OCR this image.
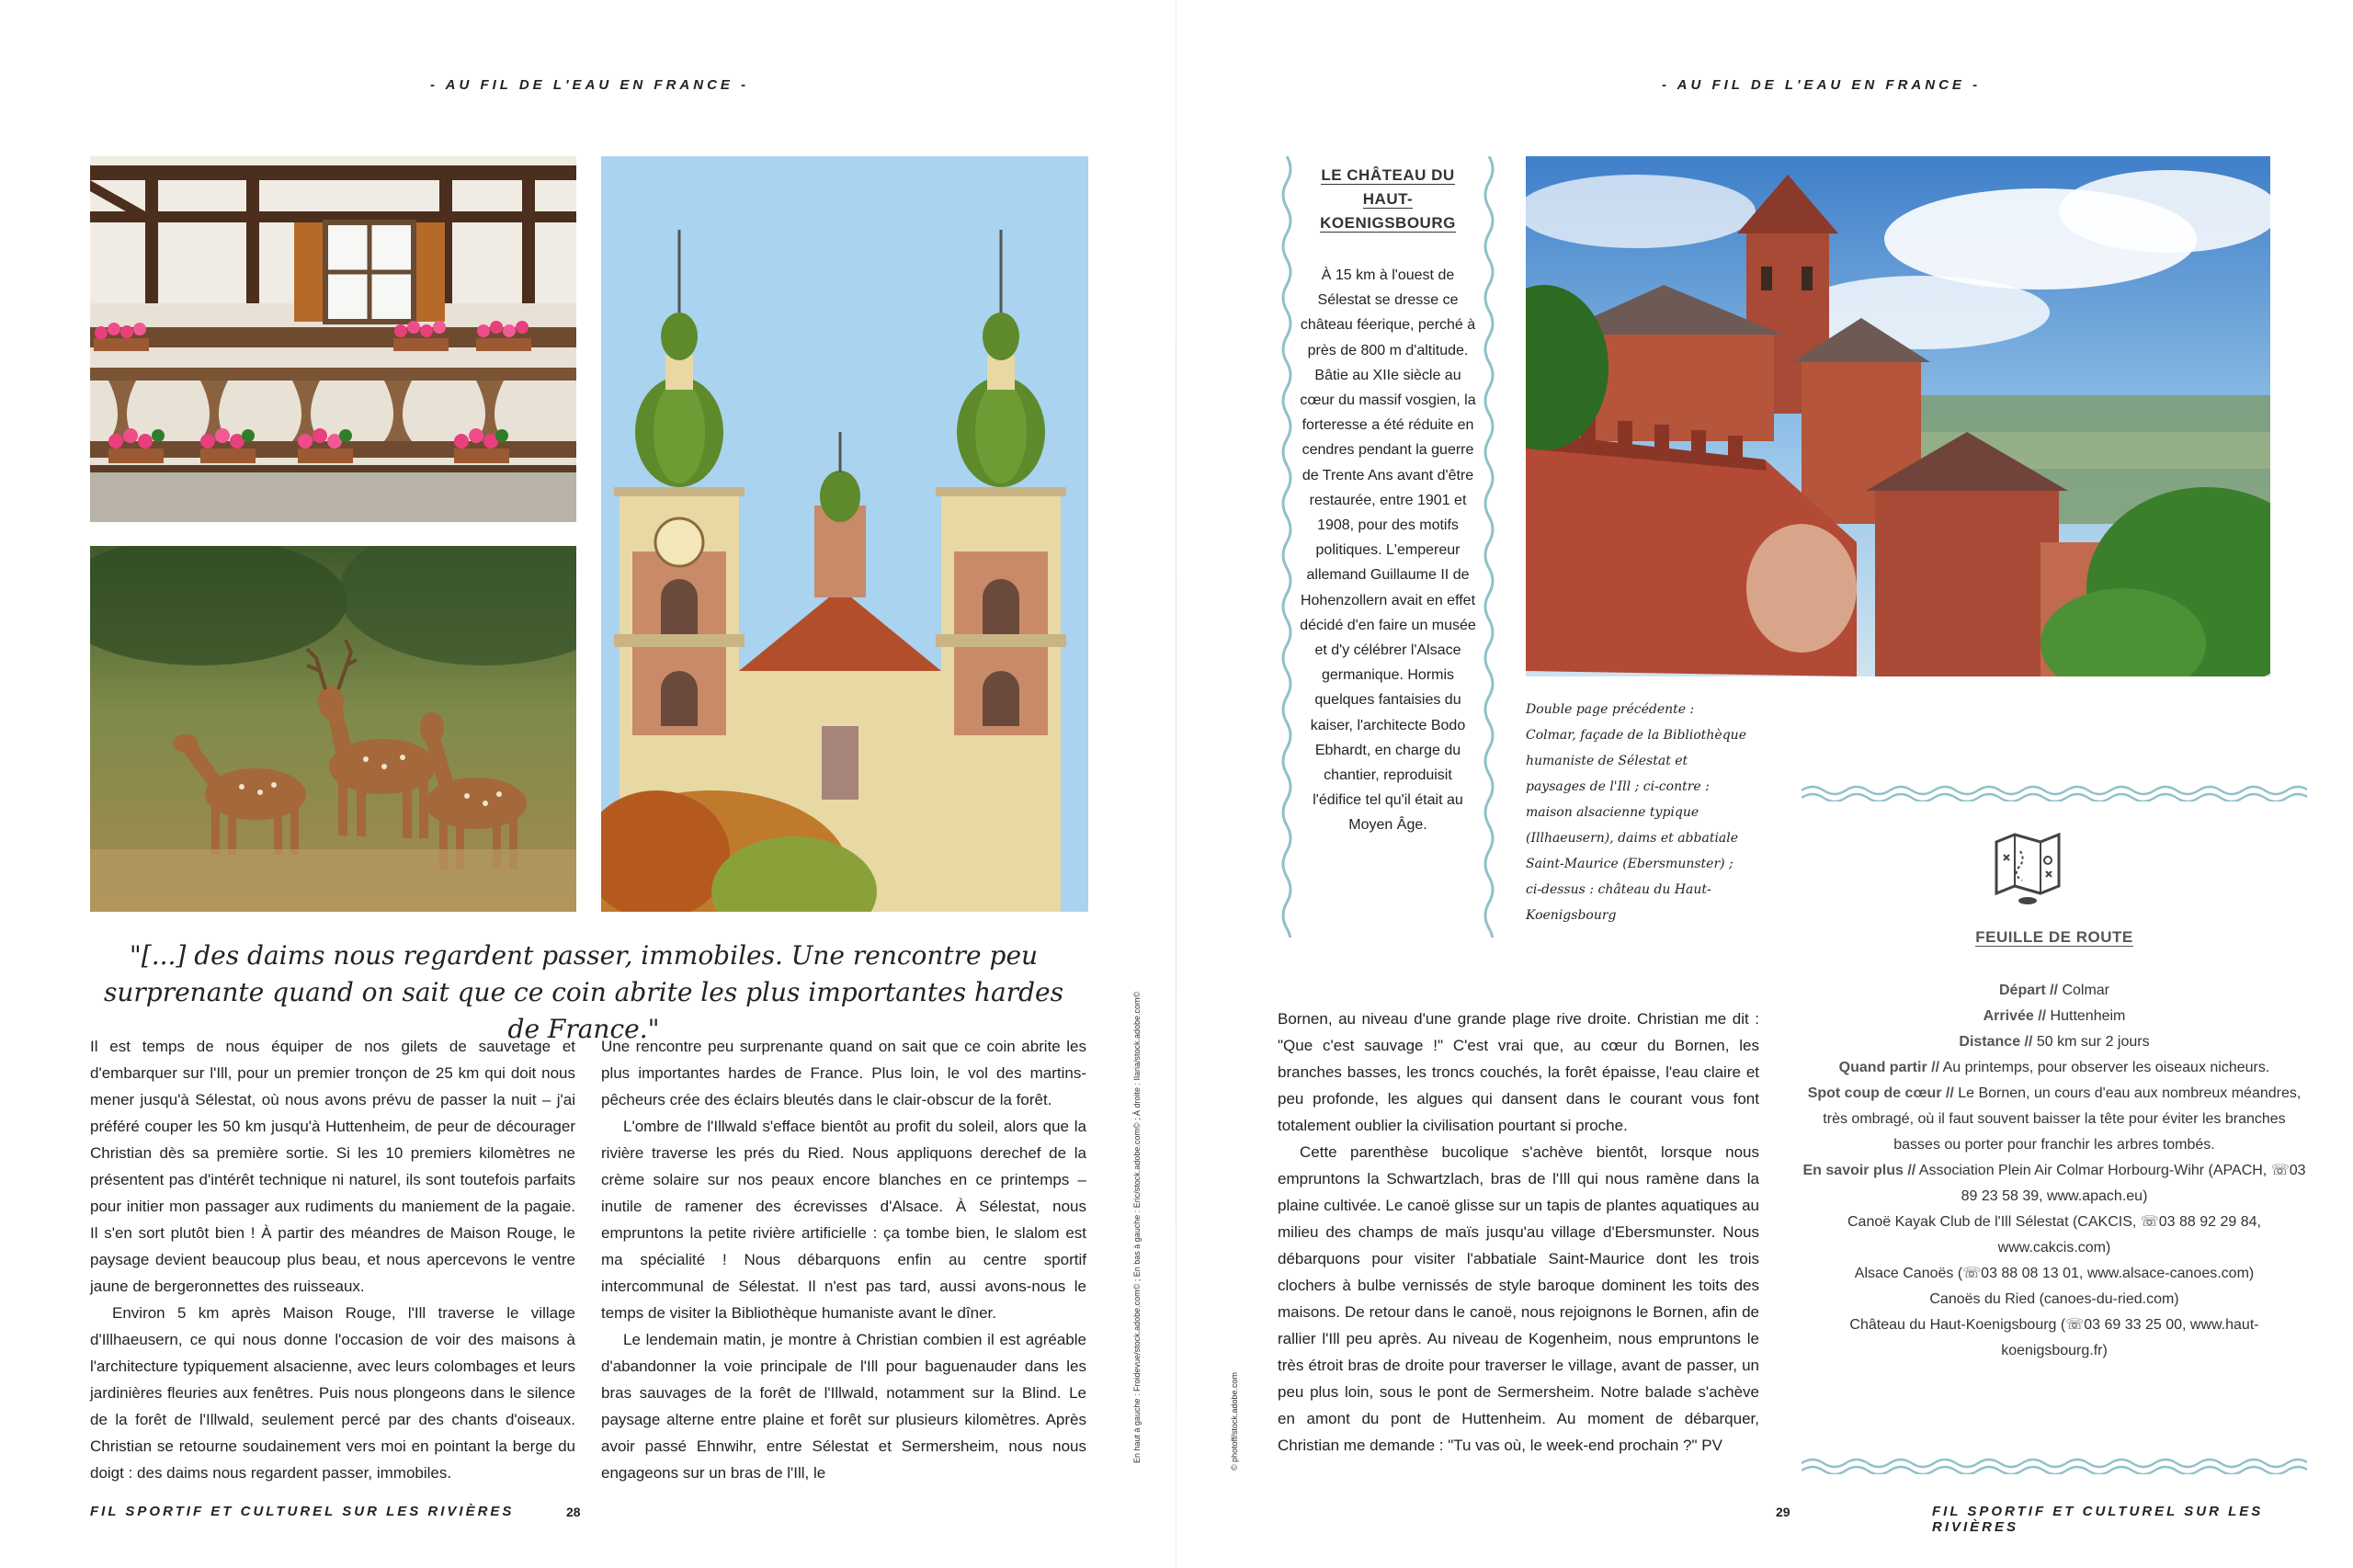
- AU FIL DE L'EAU EN FRANCE -
"[...] des daims nous regardent passer, immobiles. Une rencontre peu surprenante quand on sait que ce coin abrite les plus importantes hardes de France."

Il est temps de nous équiper de nos gilets de sauvetage et d'embarquer sur l'Ill, pour un premier tronçon de 25 km qui doit nous mener jusqu'à Sélestat, où nous avons prévu de passer la nuit – j'ai préféré couper les 50 km jusqu'à Huttenheim, de peur de décourager Christian dès sa première sortie. Si les 10 premiers kilomètres ne présentent pas d'intérêt technique ni naturel, ils sont toutefois parfaits pour initier mon passager aux rudiments du maniement de la pagaie. Il s'en sort plutôt bien ! À partir des méandres de Maison Rouge, le paysage devient beaucoup plus beau, et nous apercevons le ventre jaune de bergeronnettes des ruisseaux.

Environ 5 km après Maison Rouge, l'Ill traverse le village d'Illhaeusern, ce qui nous donne l'occasion de voir des maisons à l'architecture typiquement alsacienne, avec leurs colombages et leurs jardinières fleuries aux fenêtres. Puis nous plongeons dans le silence de la forêt de l'Illwald, seulement percé par des chants d'oiseaux. Christian se retourne soudainement vers moi en pointant la berge du doigt : des daims nous regardent passer, immobiles.

Une rencontre peu surprenante quand on sait que ce coin abrite les plus importantes hardes de France. Plus loin, le vol des martins-pêcheurs crée des éclairs bleutés dans le clair-obscur de la forêt.

L'ombre de l'Illwald s'efface bientôt au profit du soleil, alors que la rivière traverse les prés du Ried. Nous appliquons derechef de la crème solaire sur nos peaux encore blanches en ce printemps – inutile de ramener des écrevisses d'Alsace. À Sélestat, nous empruntons la petite rivière artificielle : ça tombe bien, le slalom est ma spécialité ! Nous débarquons enfin au centre sportif intercommunal de Sélestat. Il n'est pas tard, aussi avons-nous le temps de visiter la Bibliothèque humaniste avant le dîner.

Le lendemain matin, je montre à Christian combien il est agréable d'abandonner la voie principale de l'Ill pour baguenauder dans les bras sauvages de la forêt de l'Illwald, notamment sur la Blind. Le paysage alterne entre plaine et forêt sur plusieurs kilomètres. Après avoir passé Ehnwihr, entre Sélestat et Sermersheim, nous nous engageons sur un bras de l'Ill, le

En haut à gauche : Froidevue/stock.adobe.com© ; En bas à gauche : Eric/stock.adobe.com© ; À droite : Ilaria/stock.adobe.com©
FIL SPORTIF ET CULTUREL SUR LES RIVIÈRES	28
- AU FIL DE L'EAU EN FRANCE -
LE CHÂTEAU DU HAUT-KOENIGSBOURG
À 15 km à l'ouest de Sélestat se dresse ce château féerique, perché à près de 800 m d'altitude. Bâtie au XIIe siècle au cœur du massif vosgien, la forteresse a été réduite en cendres pendant la guerre de Trente Ans avant d'être restaurée, entre 1901 et 1908, pour des motifs politiques. L'empereur allemand Guillaume II de Hohenzollern avait en effet décidé d'en faire un musée et d'y célébrer l'Alsace germanique. Hormis quelques fantaisies du kaiser, l'architecte Bodo Ebhardt, en charge du chantier, reproduisit l'édifice tel qu'il était au Moyen Âge.
Double page précédente : Colmar, façade de la Bibliothèque humaniste de Sélestat et paysages de l'Ill ; ci-contre : maison alsacienne typique (Illhaeusern), daims et abbatiale Saint-Maurice (Ebersmunster) ; ci-dessus : château du Haut-Koenigsbourg

Bornen, au niveau d'une grande plage rive droite. Christian me dit : "Que c'est sauvage !" C'est vrai que, au cœur du Bornen, les branches basses, les troncs couchés, la forêt épaisse, l'eau claire et peu profonde, les algues qui dansent dans le courant vous font totalement oublier la civilisation pourtant si proche.

Cette parenthèse bucolique s'achève bientôt, lorsque nous empruntons la Schwartzlach, bras de l'Ill qui nous ramène dans la plaine cultivée. Le canoë glisse sur un tapis de plantes aquatiques au milieu des champs de maïs jusqu'au village d'Ebersmunster. Nous débarquons pour visiter l'abbatiale Saint-Maurice dont les trois clochers à bulbe vernissés de style baroque dominent les toits des maisons. De retour dans le canoë, nous rejoignons le Bornen, afin de rallier l'Ill peu après. Au niveau de Kogenheim, nous empruntons le très étroit bras de droite pour traverser le village, avant de passer, un peu plus loin, sous le pont de Sermersheim. Notre balade s'achève en amont du pont de Huttenheim. Au moment de débarquer, Christian me demande : "Tu vas où, le week-end prochain ?" PV

© photoff/stock.adobe.com
FEUILLE DE ROUTE
Départ // Colmar
Arrivée // Huttenheim
Distance // 50 km sur 2 jours
Quand partir // Au printemps, pour observer les oiseaux nicheurs.
Spot coup de cœur // Le Bornen, un cours d'eau aux nombreux méandres, très ombragé, où il faut souvent baisser la tête pour éviter les branches basses ou porter pour franchir les arbres tombés.
En savoir plus // Association Plein Air Colmar Horbourg-Wihr (APACH, ☏03 89 23 58 39, www.apach.eu)
Canoë Kayak Club de l'Ill Sélestat (CAKCIS, ☏03 88 92 29 84, www.cakcis.com)
Alsace Canoës (☏03 88 08 13 01, www.alsace-canoes.com)
Canoës du Ried (canoes-du-ried.com)
Château du Haut-Koenigsbourg (☏03 69 33 25 00, www.haut-koenigsbourg.fr)
29	FIL SPORTIF ET CULTUREL SUR LES RIVIÈRES
